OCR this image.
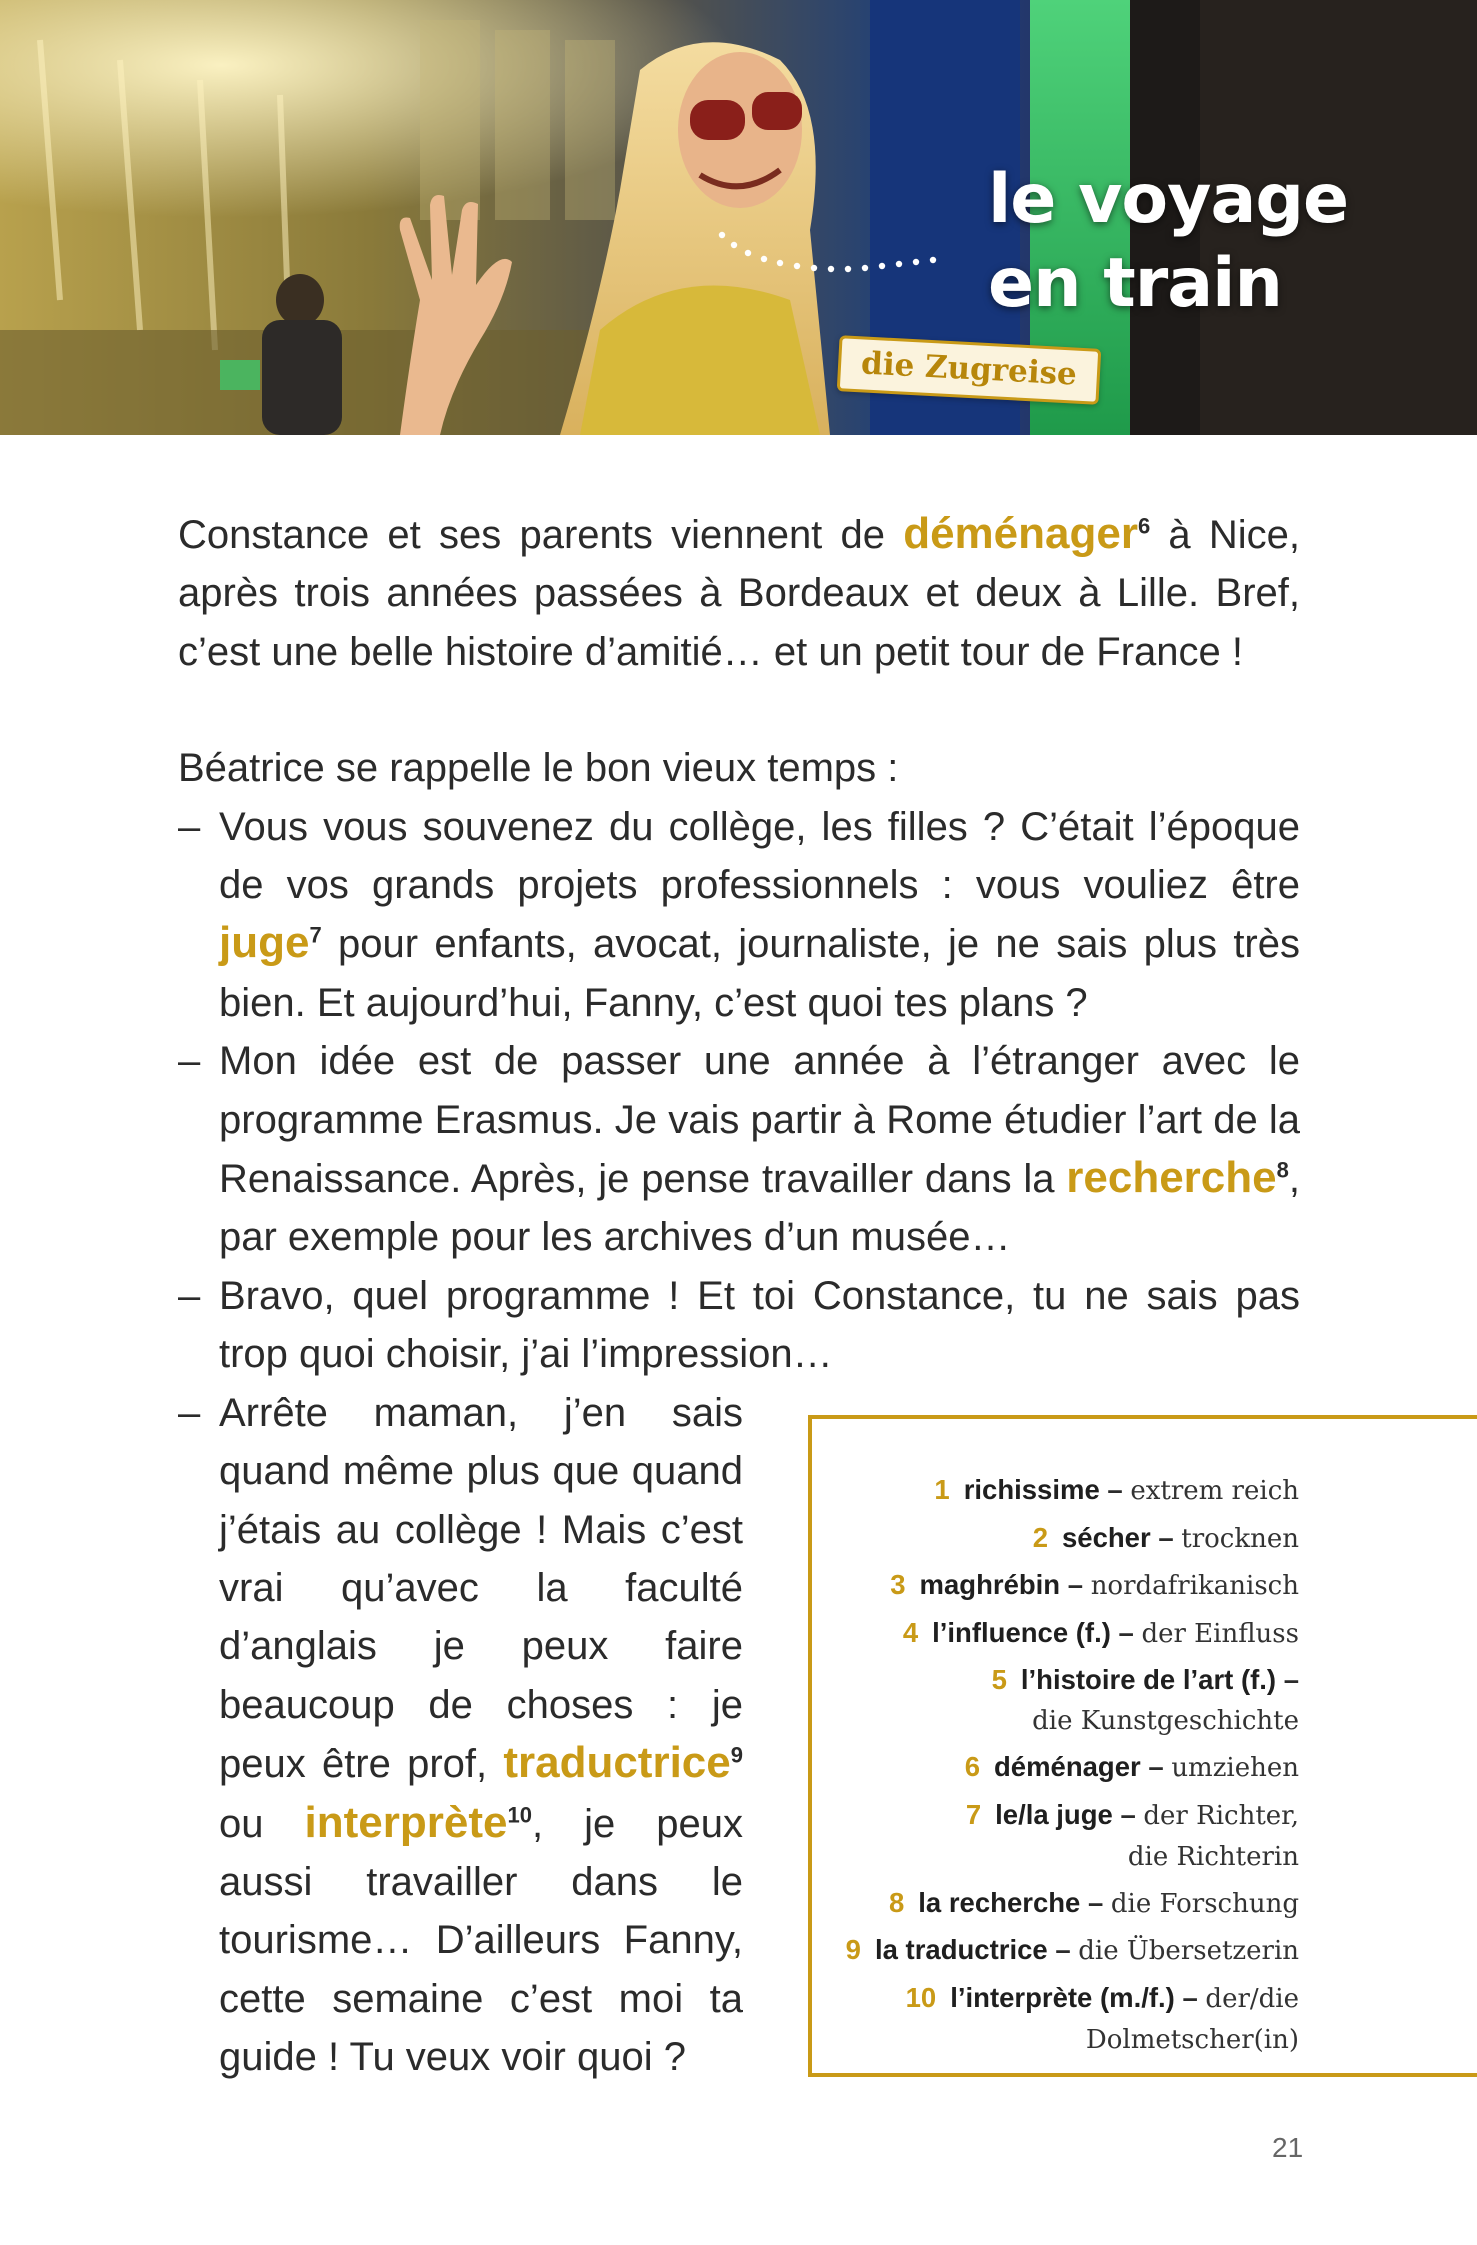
le voyage
en train
die Zugreise

Constance et ses parents viennent de déménager$^6$ à Nice, après trois années passées à Bordeaux et deux à Lille. Bref, c’est une belle histoire d’amitié… et un petit tour de France !

Béatrice se rappelle le bon vieux temps :

– Vous vous souvenez du collège, les filles ? C’était l’époque de vos grands projets professionnels : vous vouliez être juge$^7$ pour enfants, avocat, journaliste, je ne sais plus très bien. Et aujourd’hui, Fanny, c’est quoi tes plans ?

– Mon idée est de passer une année à l’étranger avec le programme Erasmus. Je vais partir à Rome étudier l’art de la Renaissance. Après, je pense travailler dans la recherche$^8$, par exemple pour les archives d’un musée…

– Bravo, quel programme ! Et toi Constance, tu ne sais pas trop quoi choisir, j’ai l’impression…

– Arrête maman, j’en sais quand même plus que quand j’étais au collège ! Mais c’est vrai qu’avec la faculté d’anglais je peux faire beaucoup de choses : je peux être prof, traductrice$^9$ ou interprète$^{10}$, je peux aussi travailler dans le tourisme… D’ailleurs Fanny, cette semaine c’est moi ta guide ! Tu veux voir quoi ?

1 richissime – extrem reich
2 sécher – trocknen
3 maghrébin – nordafrikanisch
4 l’influence (f.) – der Einfluss
5 l’histoire de l’art (f.) –
die Kunstgeschichte
6 déménager – umziehen
7 le/la juge – der Richter,
die Richterin
8 la recherche – die Forschung
9 la traductrice – die Übersetzerin
10 l’interprète (m./f.) – der/die
Dolmetscher(in)
21
